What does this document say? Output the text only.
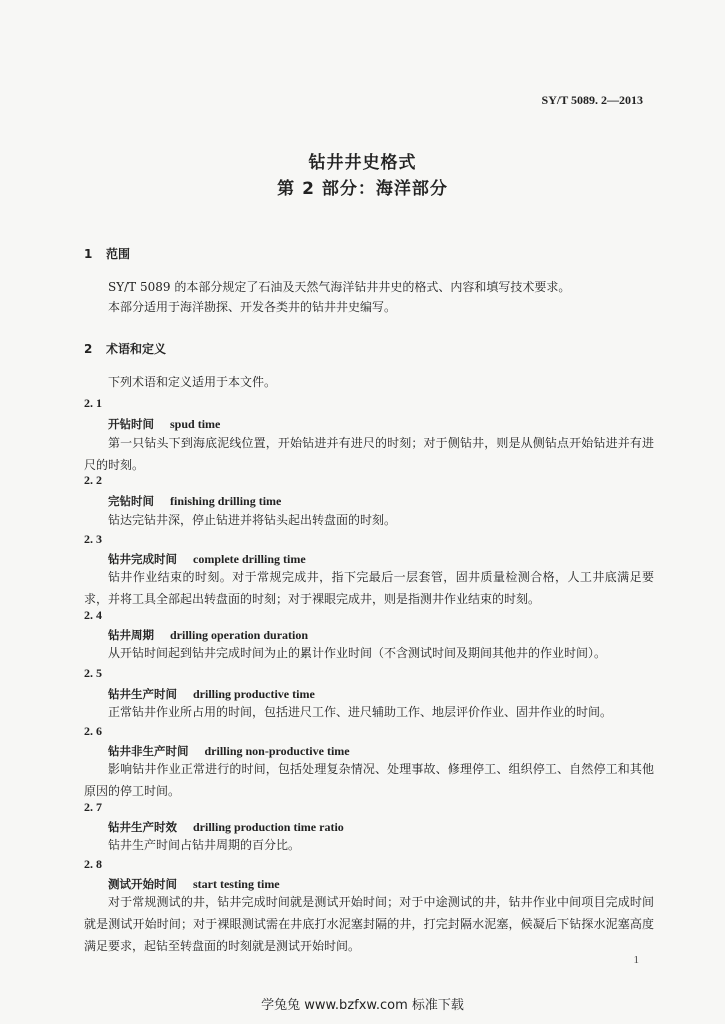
SY/T 5089. 2—2013
钻井井史格式
第 2 部分：海洋部分
1 范围
SY/T 5089 的本部分规定了石油及天然气海洋钻井井史的格式、内容和填写技术要求。
本部分适用于海洋勘探、开发各类井的钻井井史编写。
2 术语和定义
下列术语和定义适用于本文件。
2. 1
开钻时间 spud time
第一只钻头下到海底泥线位置，开始钻进并有进尺的时刻；对于侧钻井，则是从侧钻点开始钻进并有进尺的时刻。
2. 2
完钻时间 finishing drilling time
钻达完钻井深，停止钻进并将钻头起出转盘面的时刻。
2. 3
钻井完成时间 complete drilling time
钻井作业结束的时刻。对于常规完成井，指下完最后一层套管，固井质量检测合格，人工井底满足要求，并将工具全部起出转盘面的时刻；对于裸眼完成井，则是指测井作业结束的时刻。
2. 4
钻井周期 drilling operation duration
从开钻时间起到钻井完成时间为止的累计作业时间（不含测试时间及期间其他井的作业时间）。
2. 5
钻井生产时间 drilling productive time
正常钻井作业所占用的时间，包括进尺工作、进尺辅助工作、地层评价作业、固井作业的时间。
2. 6
钻井非生产时间 drilling non-productive time
影响钻井作业正常进行的时间，包括处理复杂情况、处理事故、修理停工、组织停工、自然停工和其他原因的停工时间。
2. 7
钻井生产时效 drilling production time ratio
钻井生产时间占钻井周期的百分比。
2. 8
测试开始时间 start testing time
对于常规测试的井，钻井完成时间就是测试开始时间；对于中途测试的井，钻井作业中间项目完成时间就是测试开始时间；对于裸眼测试需在井底打水泥塞封隔的井，打完封隔水泥塞，候凝后下钻探水泥塞高度满足要求，起钻至转盘面的时刻就是测试开始时间。
1
学兔兔 www.bzfxw.com 标准下载
